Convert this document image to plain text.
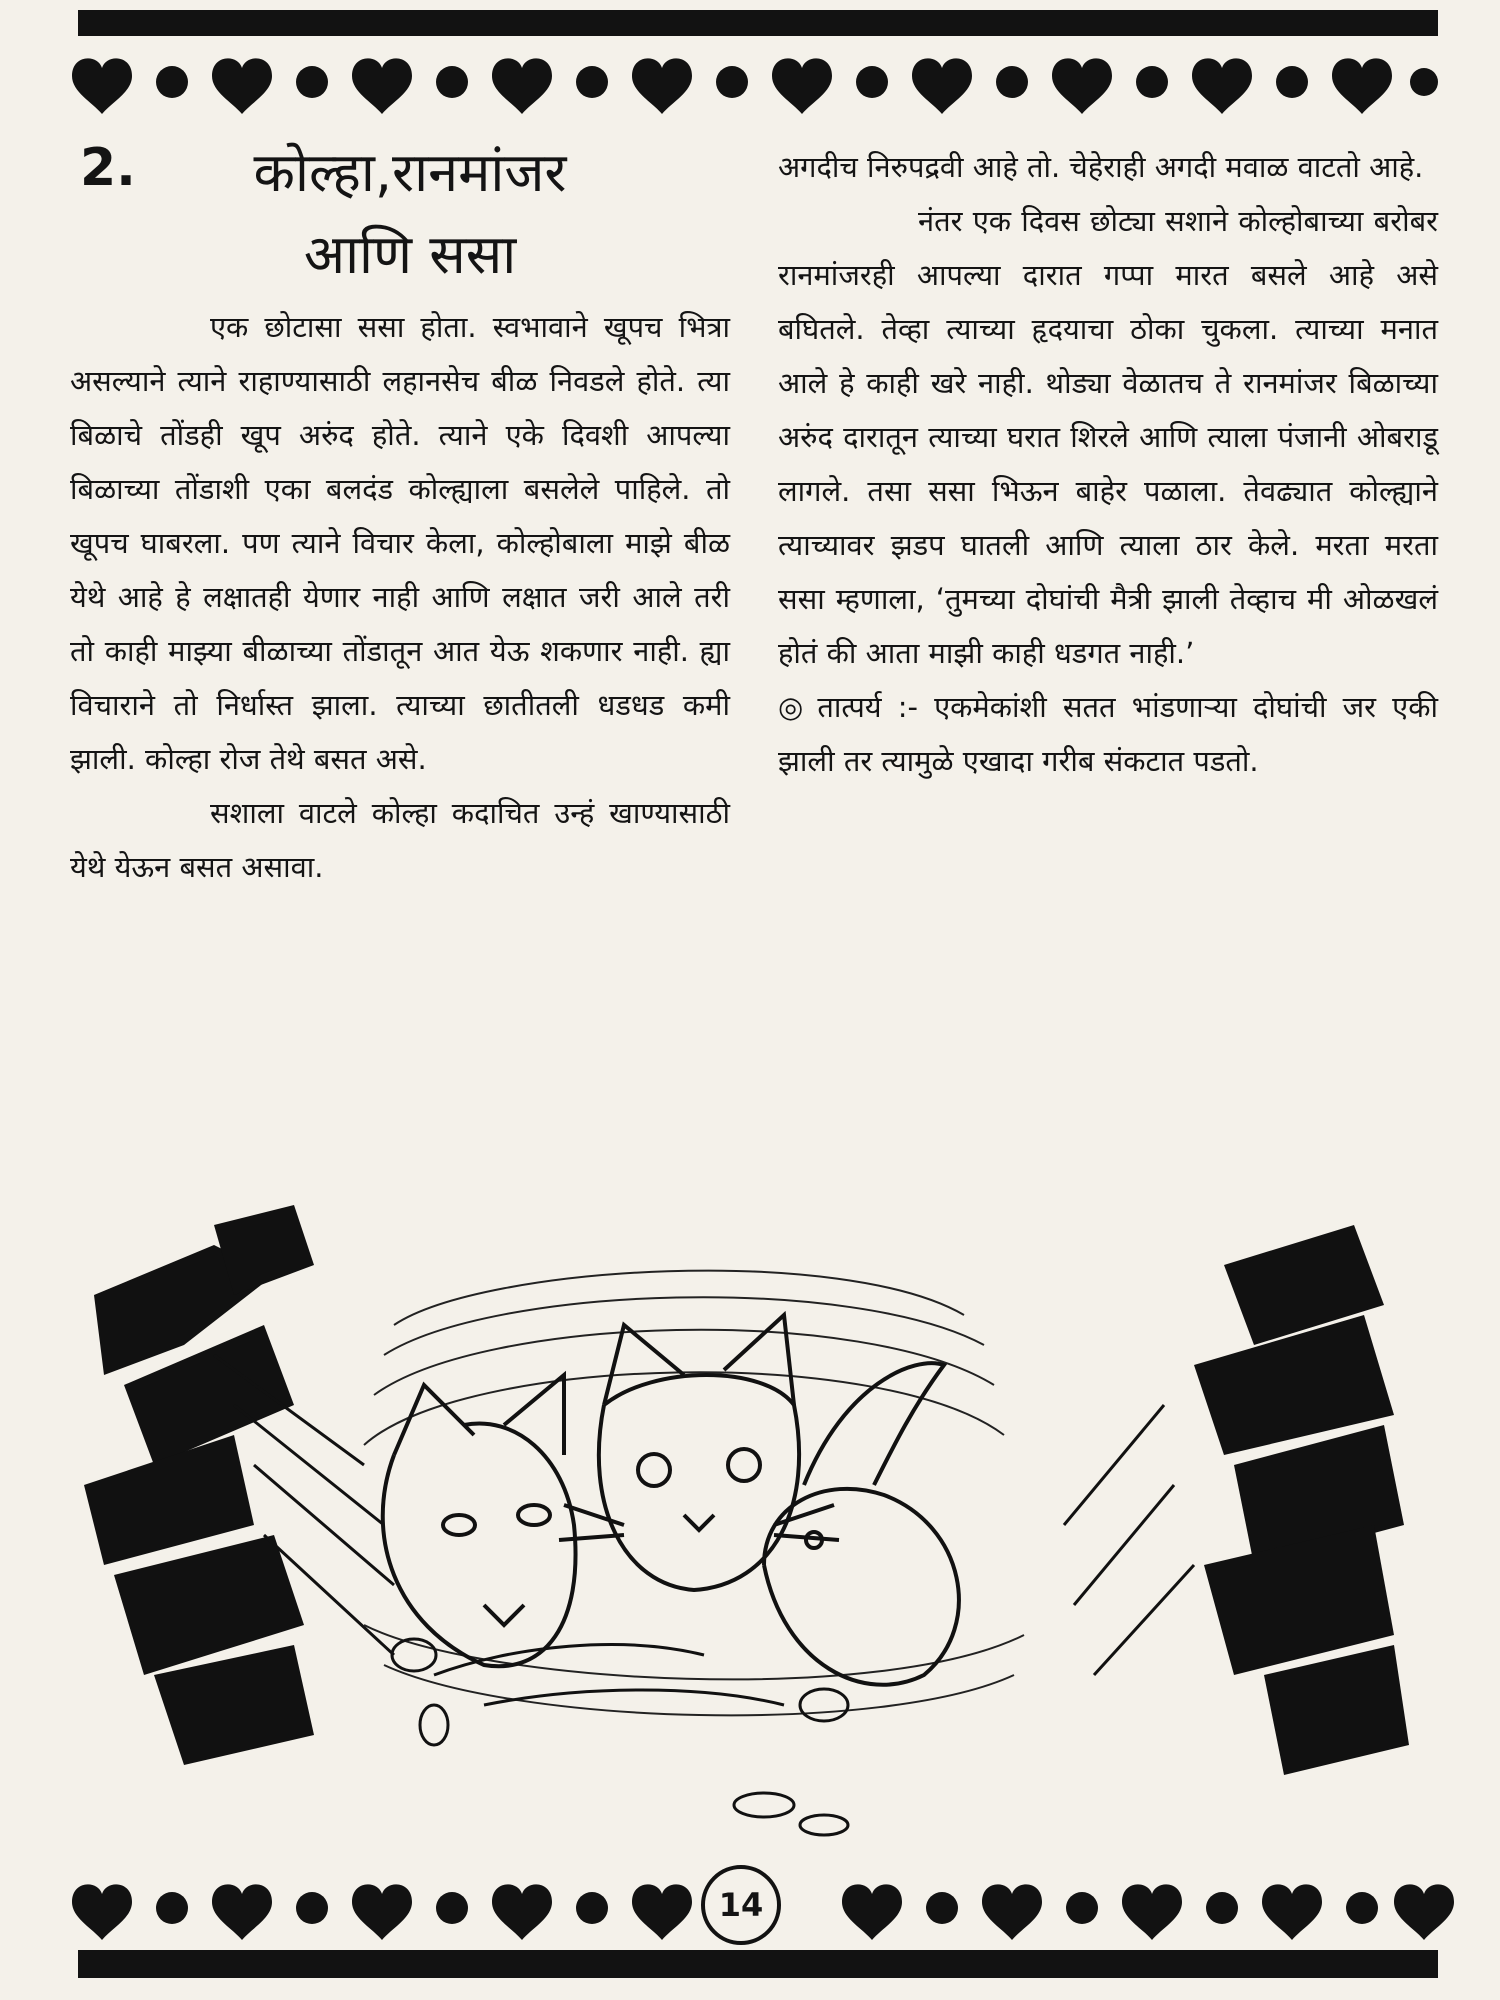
2.	कोल्हा,रानमांजर
आणि ससा

एक छोटासा ससा होता. स्वभावाने खूपच भित्रा असल्याने त्याने राहाण्यासाठी लहानसेच बीळ निवडले होते. त्या बिळाचे तोंडही खूप अरुंद होते. त्याने एके दिवशी आपल्या बिळाच्या तोंडाशी एका बलदंड कोल्ह्याला बसलेले पाहिले. तो खूपच घाबरला. पण त्याने विचार केला, कोल्होबाला माझे बीळ येथे आहे हे लक्षातही येणार नाही आणि लक्षात जरी आले तरी तो काही माझ्या बीळाच्या तोंडातून आत येऊ शकणार नाही. ह्या विचाराने तो निर्धास्त झाला. त्याच्या छातीतली धडधड कमी झाली. कोल्हा रोज तेथे बसत असे.

सशाला वाटले कोल्हा कदाचित उन्हं खाण्यासाठी येथे येऊन बसत असावा.

अगदीच निरुपद्रवी आहे तो. चेहेराही अगदी मवाळ वाटतो आहे.

नंतर एक दिवस छोट्या सशाने कोल्होबाच्या बरोबर रानमांजरही आपल्या दारात गप्पा मारत बसले आहे असे बघितले. तेव्हा त्याच्या हृदयाचा ठोका चुकला. त्याच्या मनात आले हे काही खरे नाही. थोड्या वेळातच ते रानमांजर बिळाच्या अरुंद दारातून त्याच्या घरात शिरले आणि त्याला पंजानी ओबराडू लागले. तसा ससा भिऊन बाहेर पळाला. तेवढ्यात कोल्ह्याने त्याच्यावर झडप घातली आणि त्याला ठार केले. मरता मरता ससा म्हणाला, ‘तुमच्या दोघांची मैत्री झाली तेव्हाच मी ओळखलं होतं की आता माझी काही धडगत नाही.’

◎ तात्पर्य :- एकमेकांशी सतत भांडणाऱ्या दोघांची जर एकी झाली तर त्यामुळे एखादा गरीब संकटात पडतो.

14
